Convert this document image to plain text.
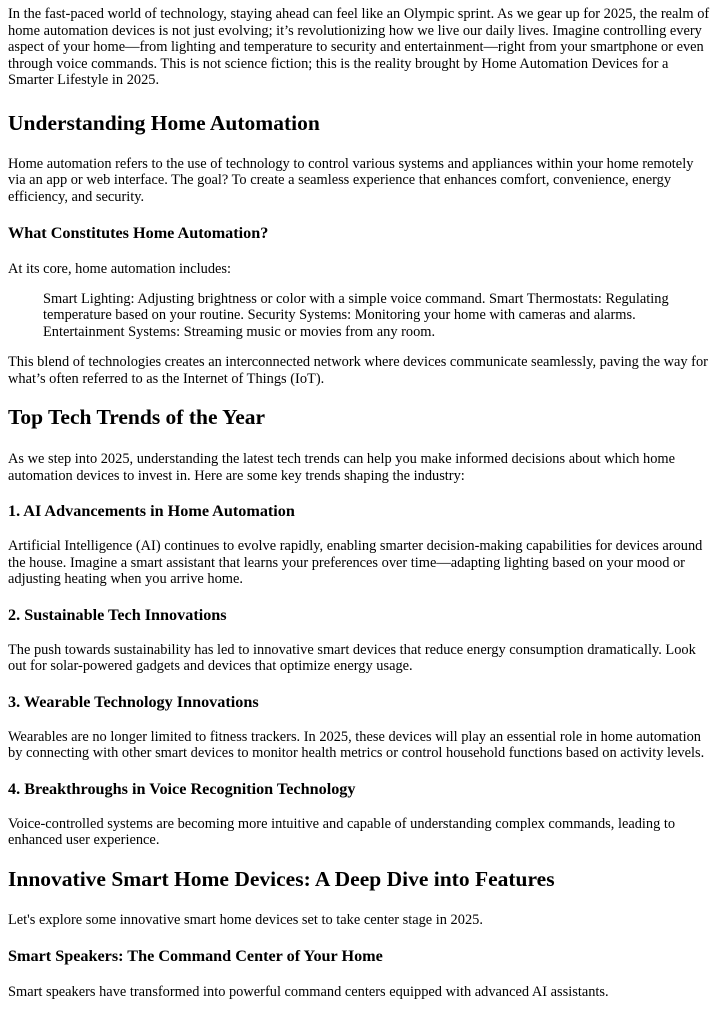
In the fast-paced world of technology, staying ahead can feel like an Olympic sprint. As we gear up for 2025, the realm of home automation devices is not just evolving; it’s revolutionizing how we live our daily lives. Imagine controlling every aspect of your home—from lighting and temperature to security and entertainment—right from your smartphone or even through voice commands. This is not science fiction; this is the reality brought by Home Automation Devices for a Smarter Lifestyle in 2025.

Understanding Home Automation

Home automation refers to the use of technology to control various systems and appliances within your home remotely via an app or web interface. The goal? To create a seamless experience that enhances comfort, convenience, energy efficiency, and security.

What Constitutes Home Automation?

At its core, home automation includes:

Smart Lighting: Adjusting brightness or color with a simple voice command. Smart Thermostats: Regulating temperature based on your routine. Security Systems: Monitoring your home with cameras and alarms. Entertainment Systems: Streaming music or movies from any room.

This blend of technologies creates an interconnected network where devices communicate seamlessly, paving the way for what’s often referred to as the Internet of Things (IoT).

Top Tech Trends of the Year

As we step into 2025, understanding the latest tech trends can help you make informed decisions about which home automation devices to invest in. Here are some key trends shaping the industry:

1. AI Advancements in Home Automation

Artificial Intelligence (AI) continues to evolve rapidly, enabling smarter decision-making capabilities for devices around the house. Imagine a smart assistant that learns your preferences over time—adapting lighting based on your mood or adjusting heating when you arrive home.

2. Sustainable Tech Innovations

The push towards sustainability has led to innovative smart devices that reduce energy consumption dramatically. Look out for solar-powered gadgets and devices that optimize energy usage.

3. Wearable Technology Innovations

Wearables are no longer limited to fitness trackers. In 2025, these devices will play an essential role in home automation by connecting with other smart devices to monitor health metrics or control household functions based on activity levels.

4. Breakthroughs in Voice Recognition Technology

Voice-controlled systems are becoming more intuitive and capable of understanding complex commands, leading to enhanced user experience.

Innovative Smart Home Devices: A Deep Dive into Features

Let's explore some innovative smart home devices set to take center stage in 2025.

Smart Speakers: The Command Center of Your Home

Smart speakers have transformed into powerful command centers equipped with advanced AI assistants.
